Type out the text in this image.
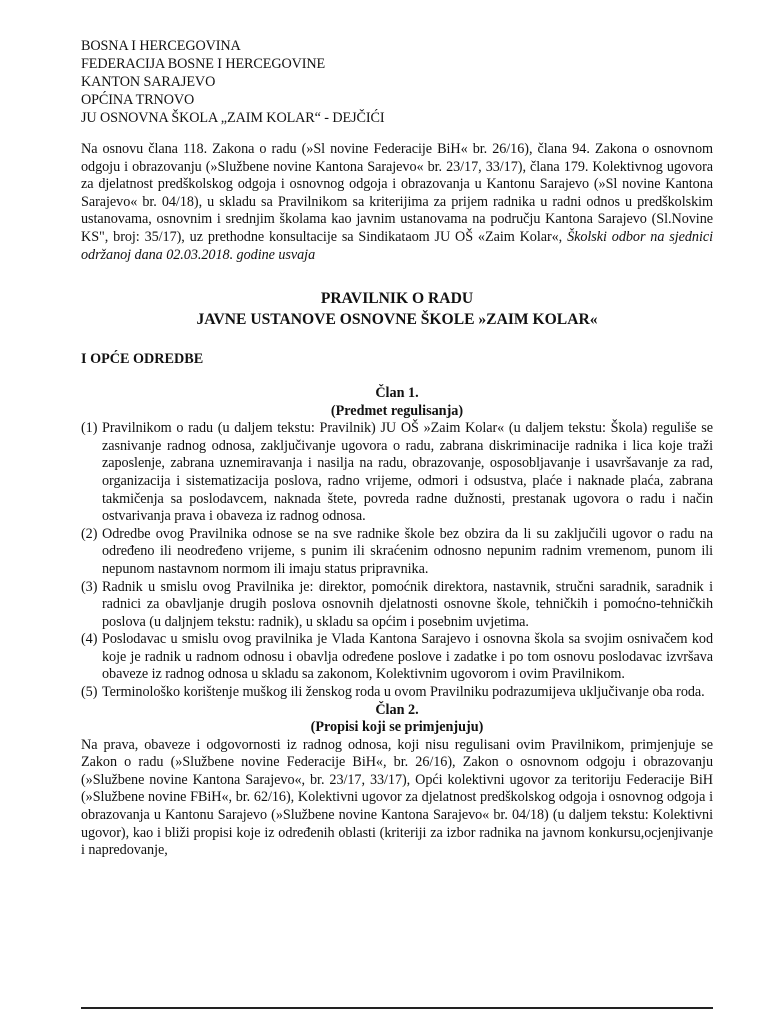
BOSNA I HERCEGOVINA

FEDERACIJA BOSNE I HERCEGOVINE

KANTON SARAJEVO

OPĆINA TRNOVO

JU OSNOVNA ŠKOLA „ZAIM KOLAR“ - DEJČIĆI

Na osnovu člana 118. Zakona o radu (»Sl novine Federacije BiH« br. 26/16), člana 94. Zakona o osnovnom odgoju i obrazovanju (»Službene novine Kantona Sarajevo« br. 23/17, 33/17), člana 179. Kolektivnog ugovora za djelatnost predškolskog odgoja i osnovnog odgoja i obrazovanja u Kantonu Sarajevo (»Sl novine Kantona Sarajevo« br. 04/18), u skladu sa Pravilnikom sa kriterijima za prijem radnika u radni odnos u predškolskim ustanovama, osnovnim i srednjim školama kao javnim ustanovama na području Kantona Sarajevo (Sl.Novine KS", broj: 35/17), uz prethodne konsultacije sa Sindikataom JU OŠ «Zaim Kolar«, Školski odbor na sjednici održanoj dana 02.03.2018. godine usvaja

PRAVILNIK O RADU

JAVNE USTANOVE OSNOVNE ŠKOLE »ZAIM KOLAR«

I OPĆE ODREDBE

Član 1.

(Predmet regulisanja)

(1) Pravilnikom o radu (u daljem tekstu: Pravilnik) JU OŠ »Zaim Kolar« (u daljem tekstu: Škola) reguliše se zasnivanje radnog odnosa, zaključivanje ugovora o radu, zabrana diskriminacije radnika i lica koje traži zaposlenje, zabrana uznemiravanja i nasilja na radu, obrazovanje, osposobljavanje i usavršavanje za rad, organizacija i sistematizacija poslova, radno vrijeme, odmori i odsustva, plaće i naknade plaća, zabrana takmičenja sa poslodavcem, naknada štete, povreda radne dužnosti, prestanak ugovora o radu i način ostvarivanja prava i obaveza iz radnog odnosa.
(2) Odredbe ovog Pravilnika odnose se na sve radnike škole bez obzira da li su zaključili ugovor o radu na određeno ili neodređeno vrijeme, s punim ili skraćenim odnosno nepunim radnim vremenom, punom ili nepunom nastavnom normom ili imaju status pripravnika.
(3) Radnik u smislu ovog Pravilnika je: direktor, pomoćnik direktora, nastavnik, stručni saradnik, saradnik i radnici za obavljanje drugih poslova osnovnih djelatnosti osnovne škole, tehničkih i pomoćno-tehničkih poslova (u daljnjem tekstu: radnik), u skladu sa općim i posebnim uvjetima.
(4) Poslodavac u smislu ovog pravilnika je Vlada Kantona Sarajevo i osnovna škola sa svojim osnivačem kod koje je radnik u radnom odnosu i obavlja određene poslove i zadatke i po tom osnovu poslodavac izvršava obaveze iz radnog odnosa u skladu sa zakonom, Kolektivnim ugovorom i ovim Pravilnikom.
(5) Terminološko korištenje muškog ili ženskog roda u ovom Pravilniku podrazumijeva uključivanje oba roda.

Član 2.

(Propisi koji se primjenjuju)

Na prava, obaveze i odgovornosti iz radnog odnosa, koji nisu regulisani ovim Pravilnikom, primjenjuje se Zakon o radu (»Službene novine Federacije BiH«, br. 26/16), Zakon o osnovnom odgoju i obrazovanju (»Službene novine Kantona Sarajevo«, br. 23/17, 33/17), Opći kolektivni ugovor za teritoriju Federacije BiH (»Službene novine FBiH«, br. 62/16), Kolektivni ugovor za djelatnost predškolskog odgoja i osnovnog odgoja i obrazovanja u Kantonu Sarajevo (»Službene novine Kantona Sarajevo« br. 04/18) (u daljem tekstu: Kolektivni ugovor), kao i bliži propisi koje iz određenih oblasti (kriteriji za izbor radnika na javnom konkursu,ocjenjivanje i napredovanje,
